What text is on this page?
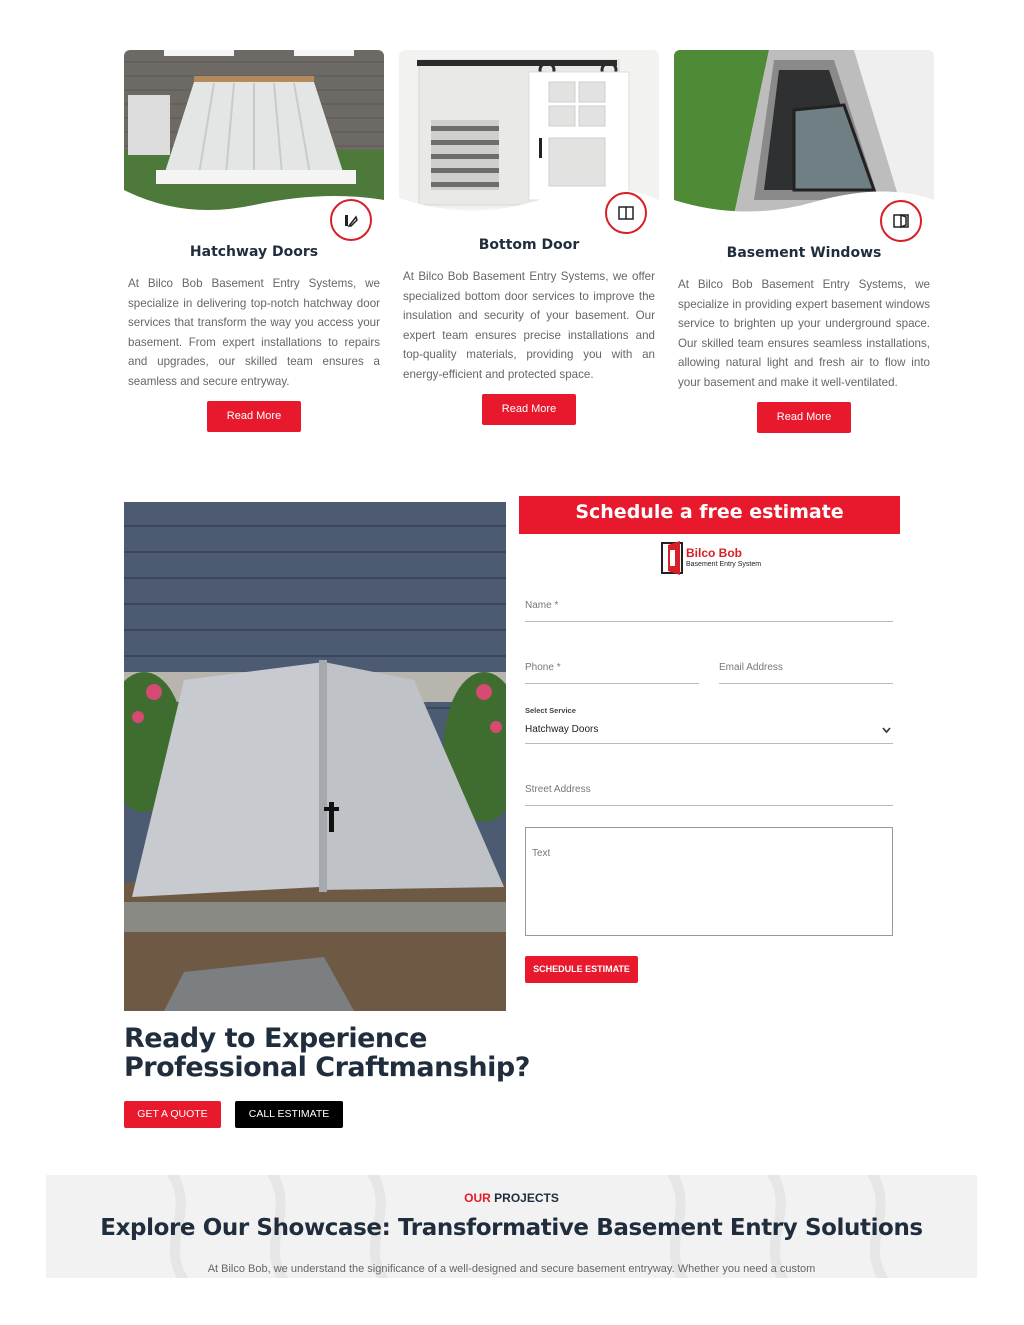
Hatchway Doors
At Bilco Bob Basement Entry Systems, we specialize in delivering top-notch hatchway door services that transform the way you access your basement. From expert installations to repairs and upgrades, our skilled team ensures a seamless and secure entryway.
Read More
Bottom Door
At Bilco Bob Basement Entry Systems, we offer specialized bottom door services to improve the insulation and security of your basement. Our expert team ensures precise installations and top-quality materials, providing you with an energy-efficient and protected space.
Read More
Basement Windows
At Bilco Bob Basement Entry Systems, we specialize in providing expert basement windows service to brighten up your underground space. Our skilled team ensures seamless installations, allowing natural light and fresh air to flow into your basement and make it well-ventilated.
Read More
Ready to Experience
Professional Craftmanship?
GET A QUOTE	CALL ESTIMATE
Schedule a free estimate
Bilco Bob
Basement Entry System
Name *
Phone *	Email Address
Select Service
Hatchway Doors
Street Address
Text
SCHEDULE ESTIMATE
OUR PROJECTS
Explore Our Showcase: Transformative Basement Entry Solutions

At Bilco Bob, we understand the significance of a well-designed and secure basement entryway. Whether you need a custom
